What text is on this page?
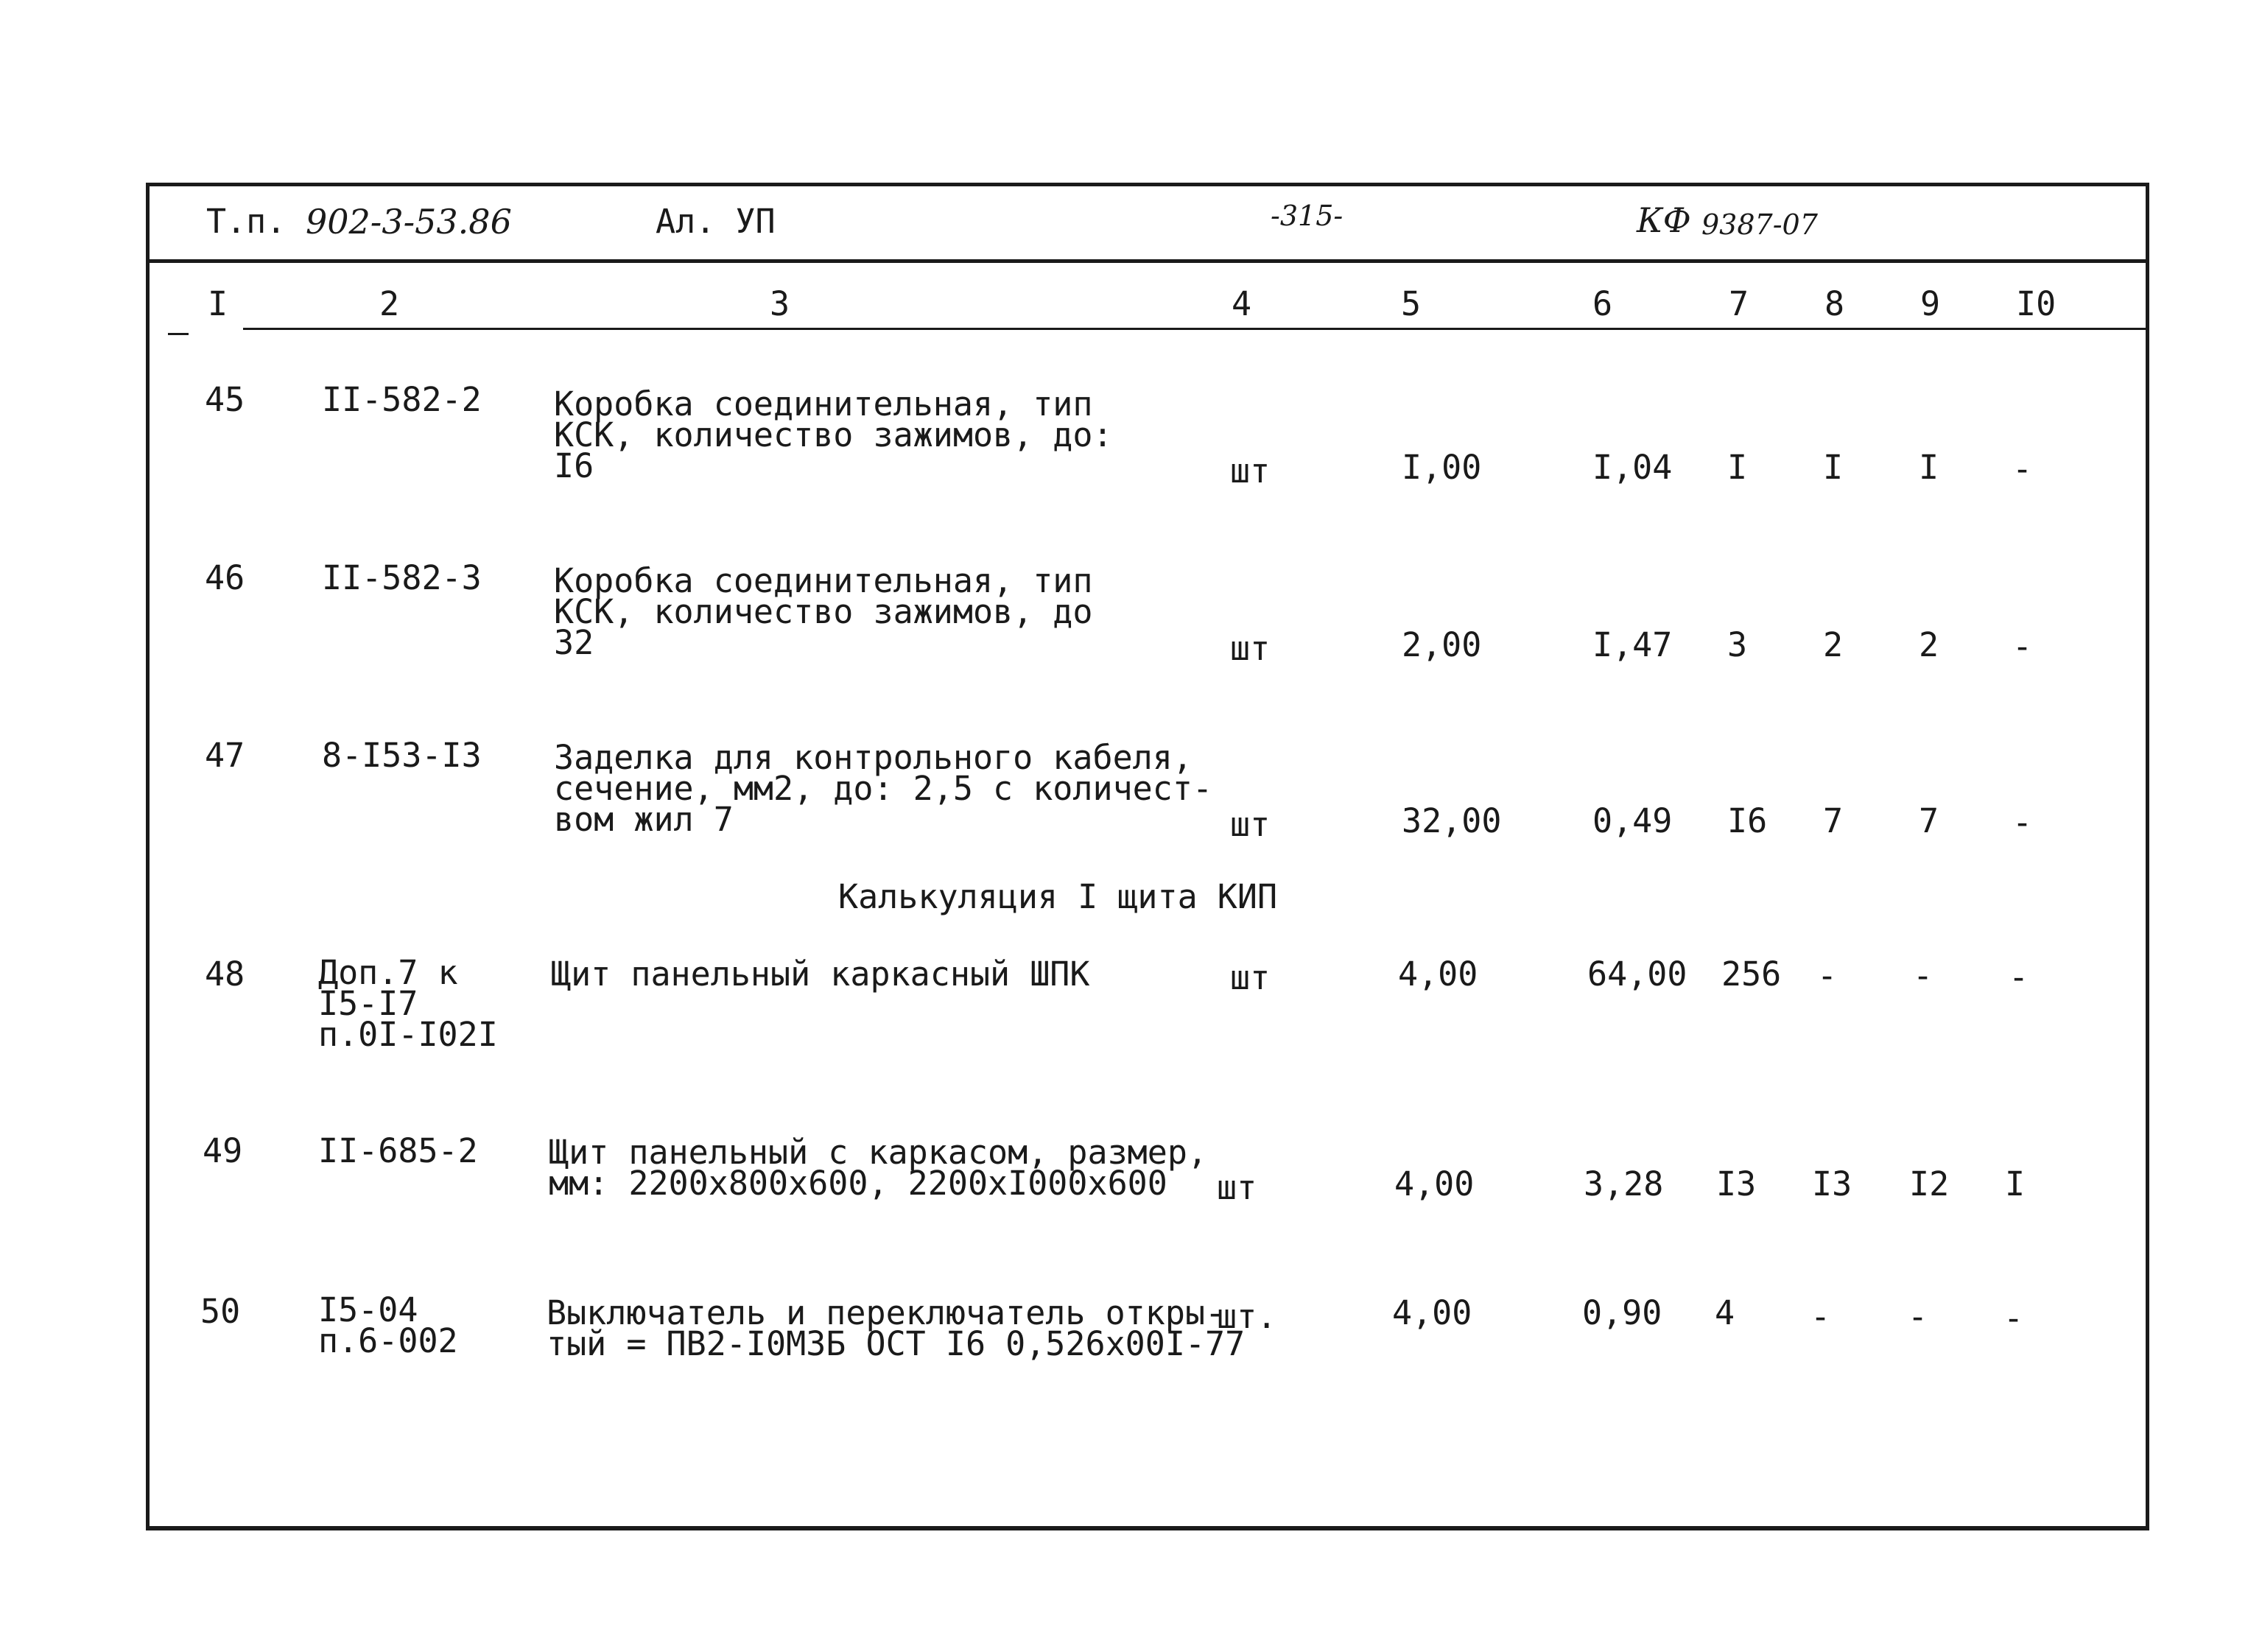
Т.п. 902-3-53.86	Ал. УП	-315-	КФ 9387-07
I	2	3	4	5	6	7 8 9 I0
45 II-582-2 Коробка соединительная, тип
КСК, количество зажимов, до:
I6	шт	I,00	I,04 I I I -
46 II-582-3 Коробка соединительная, тип
КСК, количество зажимов, до
32	шт	2,00	I,47 3 2 2 -
47 8-I53-I3 Заделка для контрольного кабеля,
сечение, мм2, до: 2,5 с количест-
вом жил 7	шт	32,00	0,49 I6 7 7 -
Калькуляция I щита КИП
48 Доп.7 к
I5-I7
п.0I-I02I
Щит панельный каркасный ШПК	шт	4,00	64,00 256 - - -
49 II-685-2 Щит панельный с каркасом, размер,
мм: 2200х800х600, 2200хI000х600	шт	4,00	3,28 I3 I3 I2 I
50 I5-04
п.6-002
Выключатель и переключатель откры-
тый = ПВ2-I0М3Б ОСТ I6 0,526х00I-77
шт.	4,00	0,90 4 - - -
